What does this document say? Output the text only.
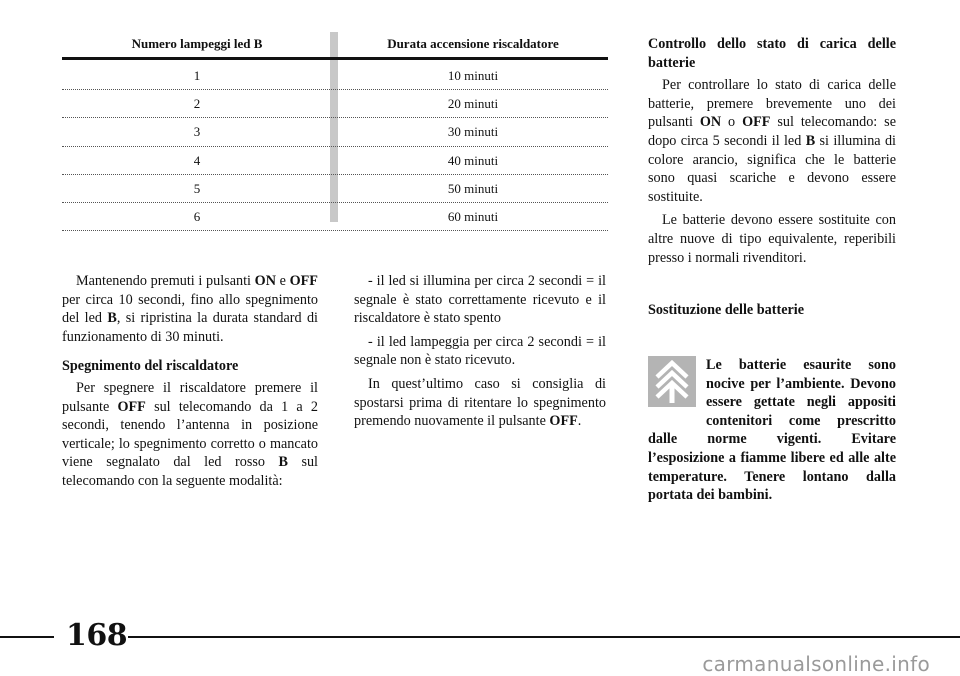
Numero lampeggi led B	Durata accensione riscaldatore
1	10 minuti
2	20 minuti
3	30 minuti
4	40 minuti
5	50 minuti
6	60 minuti

Mantenendo premuti i pulsanti ON e OFF per circa 10 secondi, fino allo spegnimento del led B, si ripristina la durata standard di funzionamento di 30 minuti.

Spegnimento del riscaldatore

Per spegnere il riscaldatore premere il pulsante OFF sul telecomando da 1 a 2 secondi, tenendo l’antenna in posizione verticale; lo spegnimento corretto o mancato viene segnalato dal led rosso B sul telecomando con la seguente modalità:

- il led si illumina per circa 2 secondi = il segnale è stato correttamente ricevuto e il riscaldatore è stato spento

- il led lampeggia per circa 2 secondi = il segnale non è stato ricevuto.

In quest’ultimo caso si consiglia di spostarsi prima di ritentare lo spegnimento premendo nuovamente il pulsante OFF.

Controllo dello stato di carica delle batterie

Per controllare lo stato di carica delle batterie, premere brevemente uno dei pulsanti ON o OFF sul telecomando: se dopo circa 5 secondi il led B si illumina di colore arancio, significa che le batterie sono quasi scariche e devono essere sostituite.

Le batterie devono essere sostituite con altre nuove di tipo equivalente, reperibili presso i normali rivenditori.

Sostituzione delle batterie

Le batterie esaurite sono nocive per l’ambiente. Devono essere gettate negli appositi contenitori come prescritto dalle norme vigenti. Evitare l’esposizione a fiamme libere ed alle alte temperature. Tenere lontano dalla portata dei bambini.
168
carmanualsonline.info
